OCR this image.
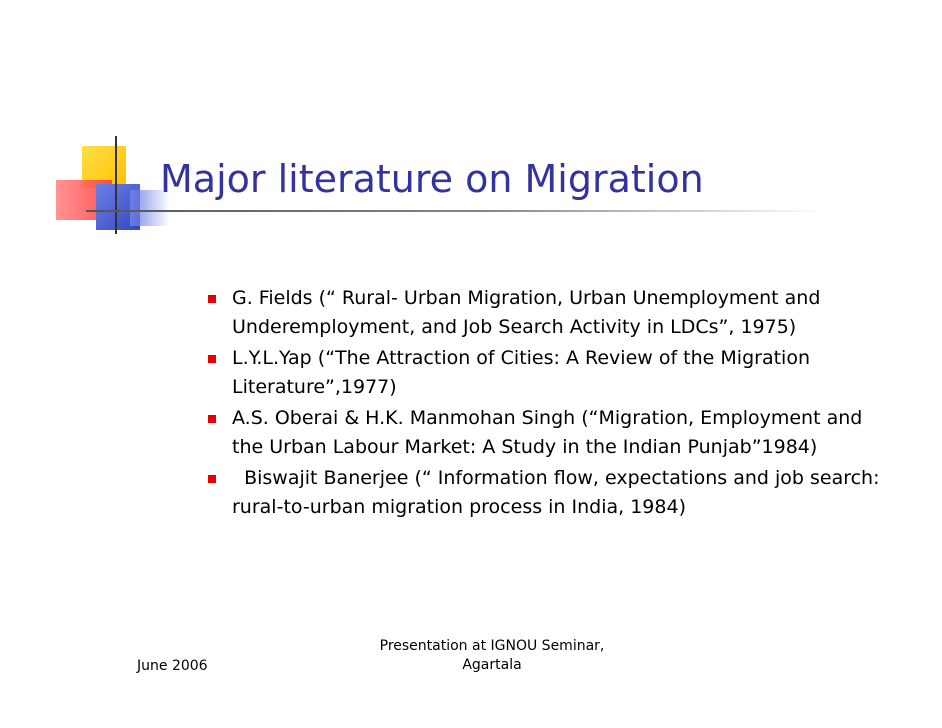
Major literature on Migration
G. Fields (“ Rural- Urban Migration, Urban Unemployment and Underemployment, and Job Search Activity in LDCs”, 1975)
L.Y.L.Yap (“The Attraction of Cities: A Review of the Migration Literature”,1977)
A.S. Oberai & H.K. Manmohan Singh (“Migration, Employment and the Urban Labour Market: A Study in the Indian Punjab”1984)
Biswajit Banerjee (“ Information flow, expectations and job search: rural-to-urban migration process in India, 1984)
June 2006
Presentation at IGNOU Seminar,
Agartala
